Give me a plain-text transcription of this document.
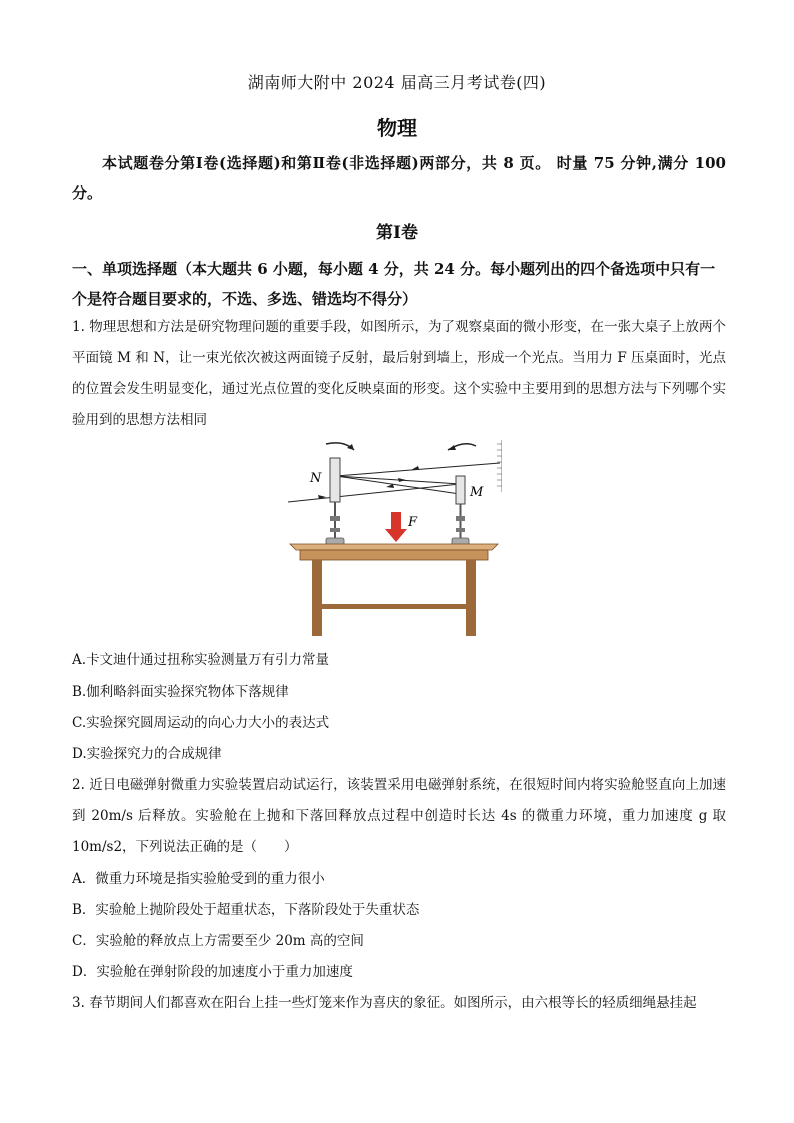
湖南师大附中 2024 届高三月考试卷(四)
物理
本试题卷分第Ⅰ卷(选择题)和第Ⅱ卷(非选择题)两部分，共 8 页。 时量 75 分钟,满分 100 分。
第Ⅰ卷
一、单项选择题（本大题共 6 小题，每小题 4 分，共 24 分。每小题列出的四个备选项中只有一个是符合题目要求的，不选、多选、错选均不得分）
1. 物理思想和方法是研究物理问题的重要手段，如图所示，为了观察桌面的微小形变，在一张大桌子上放两个平面镜 M 和 N，让一束光依次被这两面镜子反射，最后射到墙上，形成一个光点。当用力 F 压桌面时，光点的位置会发生明显变化，通过光点位置的变化反映桌面的形变。这个实验中主要用到的思想方法与下列哪个实验用到的思想方法相同
N
M
F
A.卡文迪什通过扭称实验测量万有引力常量
B.伽利略斜面实验探究物体下落规律
C.实验探究圆周运动的向心力大小的表达式
D.实验探究力的合成规律
2. 近日电磁弹射微重力实验装置启动试运行，该装置采用电磁弹射系统，在很短时间内将实验舱竖直向上加速到 20m/s 后释放。实验舱在上抛和下落回释放点过程中创造时长达 4s 的微重力环境，重力加速度 g 取 10m/s2，下列说法正确的是（　　）
A．微重力环境是指实验舱受到的重力很小
B．实验舱上抛阶段处于超重状态，下落阶段处于失重状态
C．实验舱的释放点上方需要至少 20m 高的空间
D．实验舱在弹射阶段的加速度小于重力加速度
3. 春节期间人们都喜欢在阳台上挂一些灯笼来作为喜庆的象征。如图所示，由六根等长的轻质细绳悬挂起
